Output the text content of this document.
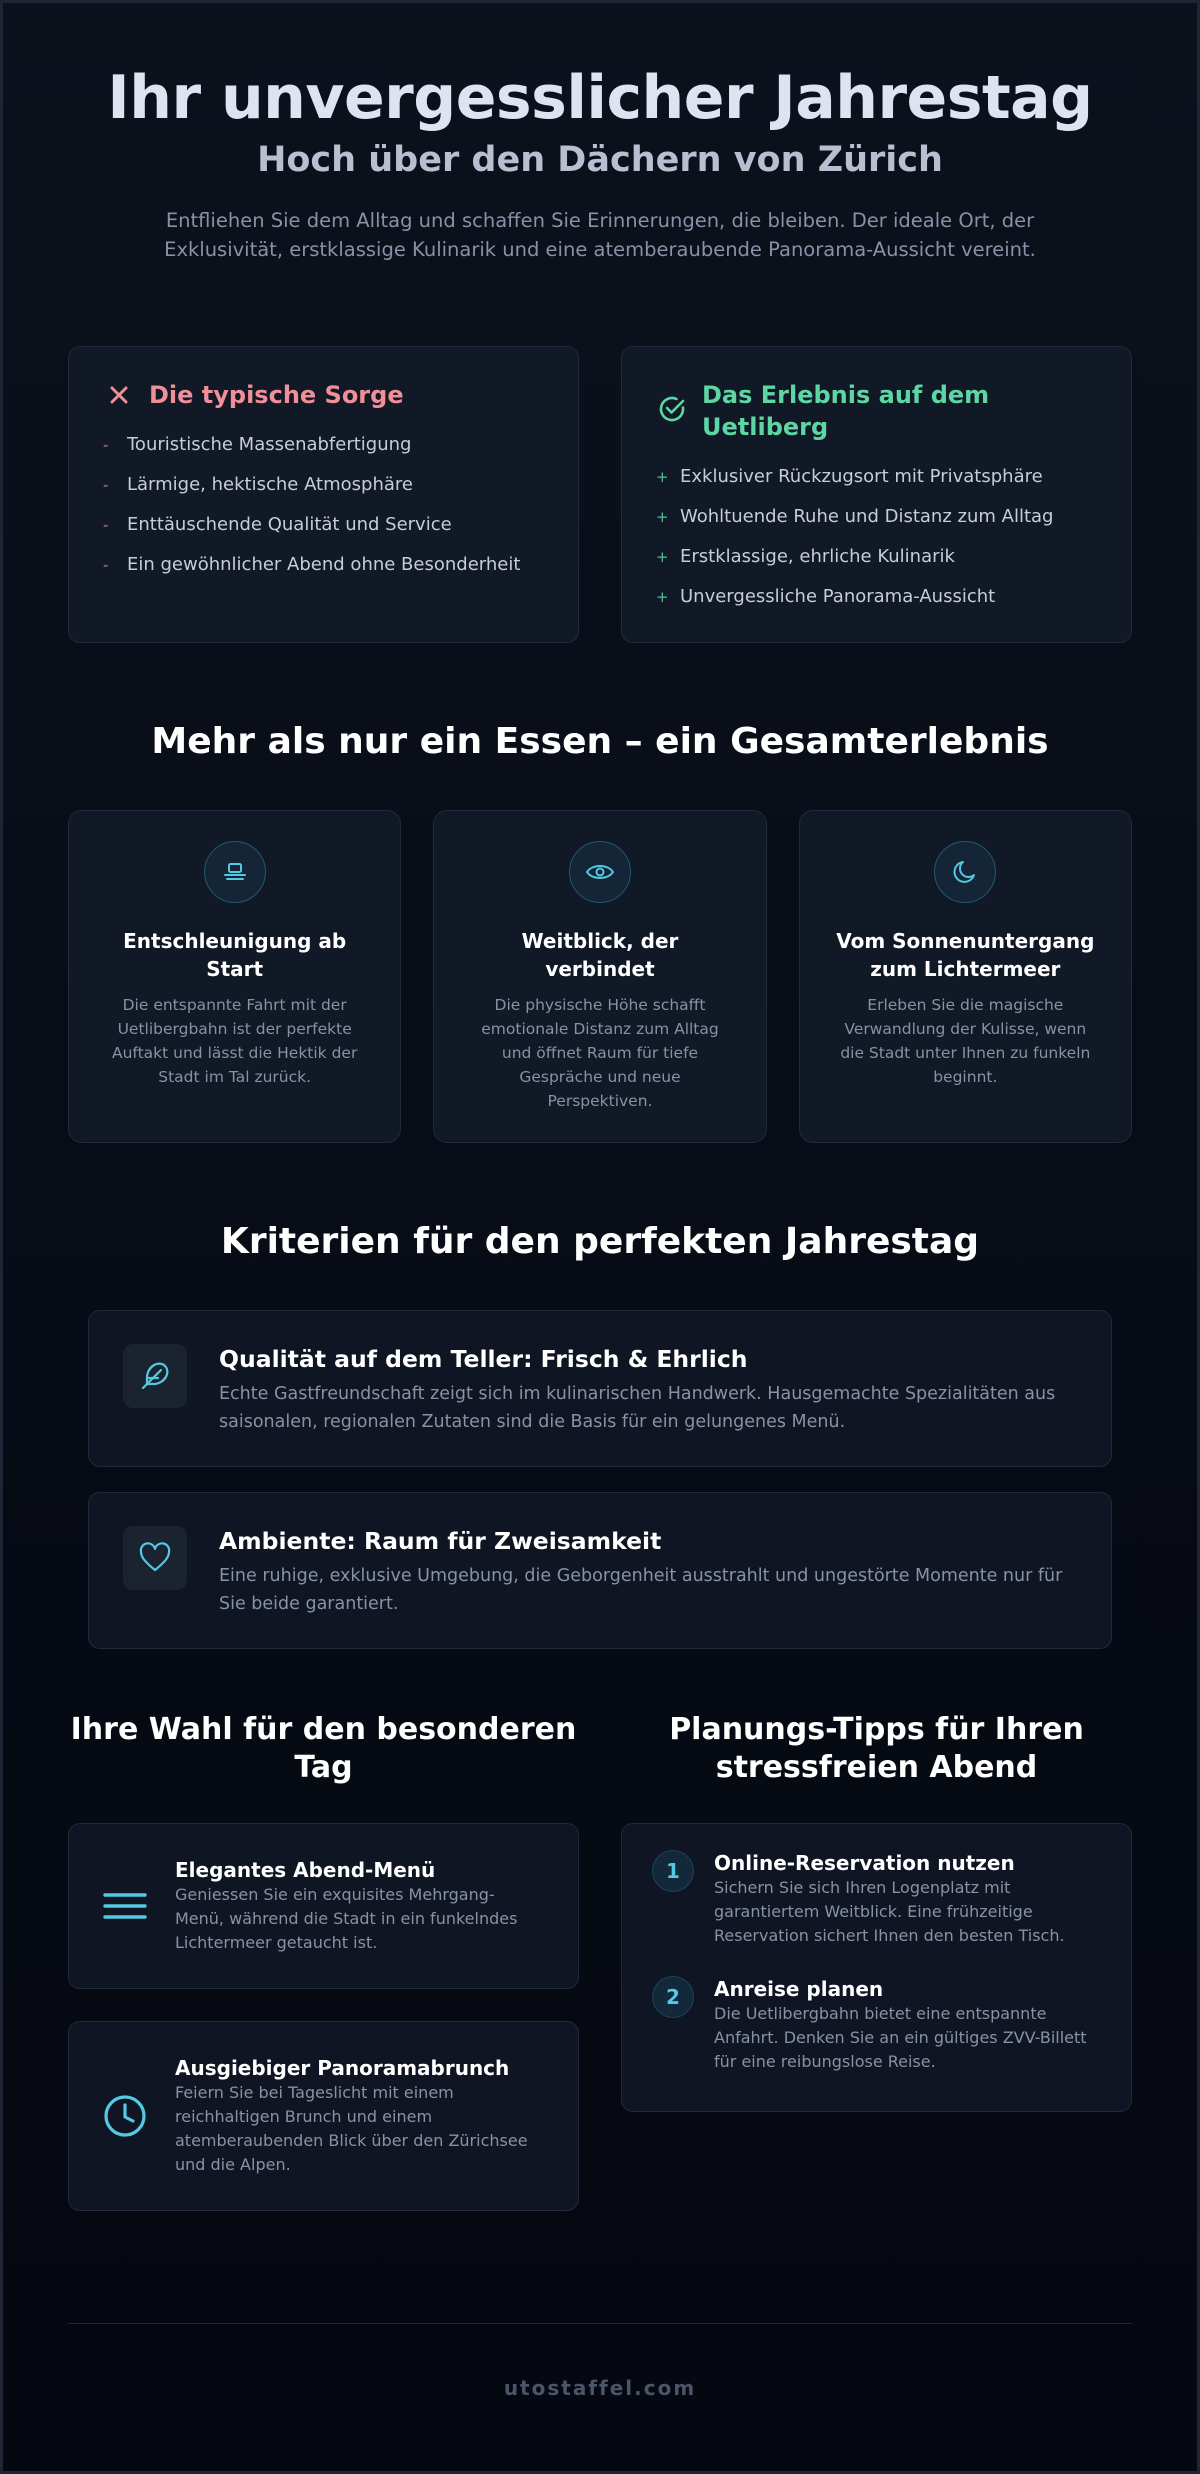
Ihr unvergesslicher Jahrestag
Hoch über den Dächern von Zürich

Entfliehen Sie dem Alltag und schaffen Sie Erinnerungen, die bleiben. Der ideale Ort, der Exklusivität, erstklassige Kulinarik und eine atemberaubende Panorama-Aussicht vereint.

Die typische Sorge
- Touristische Massenabfertigung
- Lärmige, hektische Atmosphäre
- Enttäuschende Qualität und Service
- Ein gewöhnlicher Abend ohne Besonderheit
Das Erlebnis auf dem Uetliberg
+ Exklusiver Rückzugsort mit Privatsphäre
+ Wohltuende Ruhe und Distanz zum Alltag
+ Erstklassige, ehrliche Kulinarik
+ Unvergessliche Panorama-Aussicht
Mehr als nur ein Essen – ein Gesamterlebnis
Entschleunigung ab Start
Die entspannte Fahrt mit der Uetlibergbahn ist der perfekte Auftakt und lässt die Hektik der Stadt im Tal zurück.
Weitblick, der verbindet
Die physische Höhe schafft emotionale Distanz zum Alltag und öffnet Raum für tiefe Gespräche und neue Perspektiven.
Vom Sonnenuntergang zum Lichtermeer
Erleben Sie die magische Verwandlung der Kulisse, wenn die Stadt unter Ihnen zu funkeln beginnt.
Kriterien für den perfekten Jahrestag
Qualität auf dem Teller: Frisch & Ehrlich
Echte Gastfreundschaft zeigt sich im kulinarischen Handwerk. Hausgemachte Spezialitäten aus saisonalen, regionalen Zutaten sind die Basis für ein gelungenes Menü.
Ambiente: Raum für Zweisamkeit
Eine ruhige, exklusive Umgebung, die Geborgenheit ausstrahlt und ungestörte Momente nur für Sie beide garantiert.
Ihre Wahl für den besonderen Tag
Elegantes Abend-Menü
Geniessen Sie ein exquisites Mehrgang-Menü, während die Stadt in ein funkelndes Lichtermeer getaucht ist.
Ausgiebiger Panoramabrunch
Feiern Sie bei Tageslicht mit einem reichhaltigen Brunch und einem atemberaubenden Blick über den Zürichsee und die Alpen.
Planungs-Tipps für Ihren stressfreien Abend
1	Online-Reservation nutzen
Sichern Sie sich Ihren Logenplatz mit garantiertem Weitblick. Eine frühzeitige Reservation sichert Ihnen den besten Tisch.
2	Anreise planen
Die Uetlibergbahn bietet eine entspannte Anfahrt. Denken Sie an ein gültiges ZVV-Billett für eine reibungslose Reise.
utostaffel.com
